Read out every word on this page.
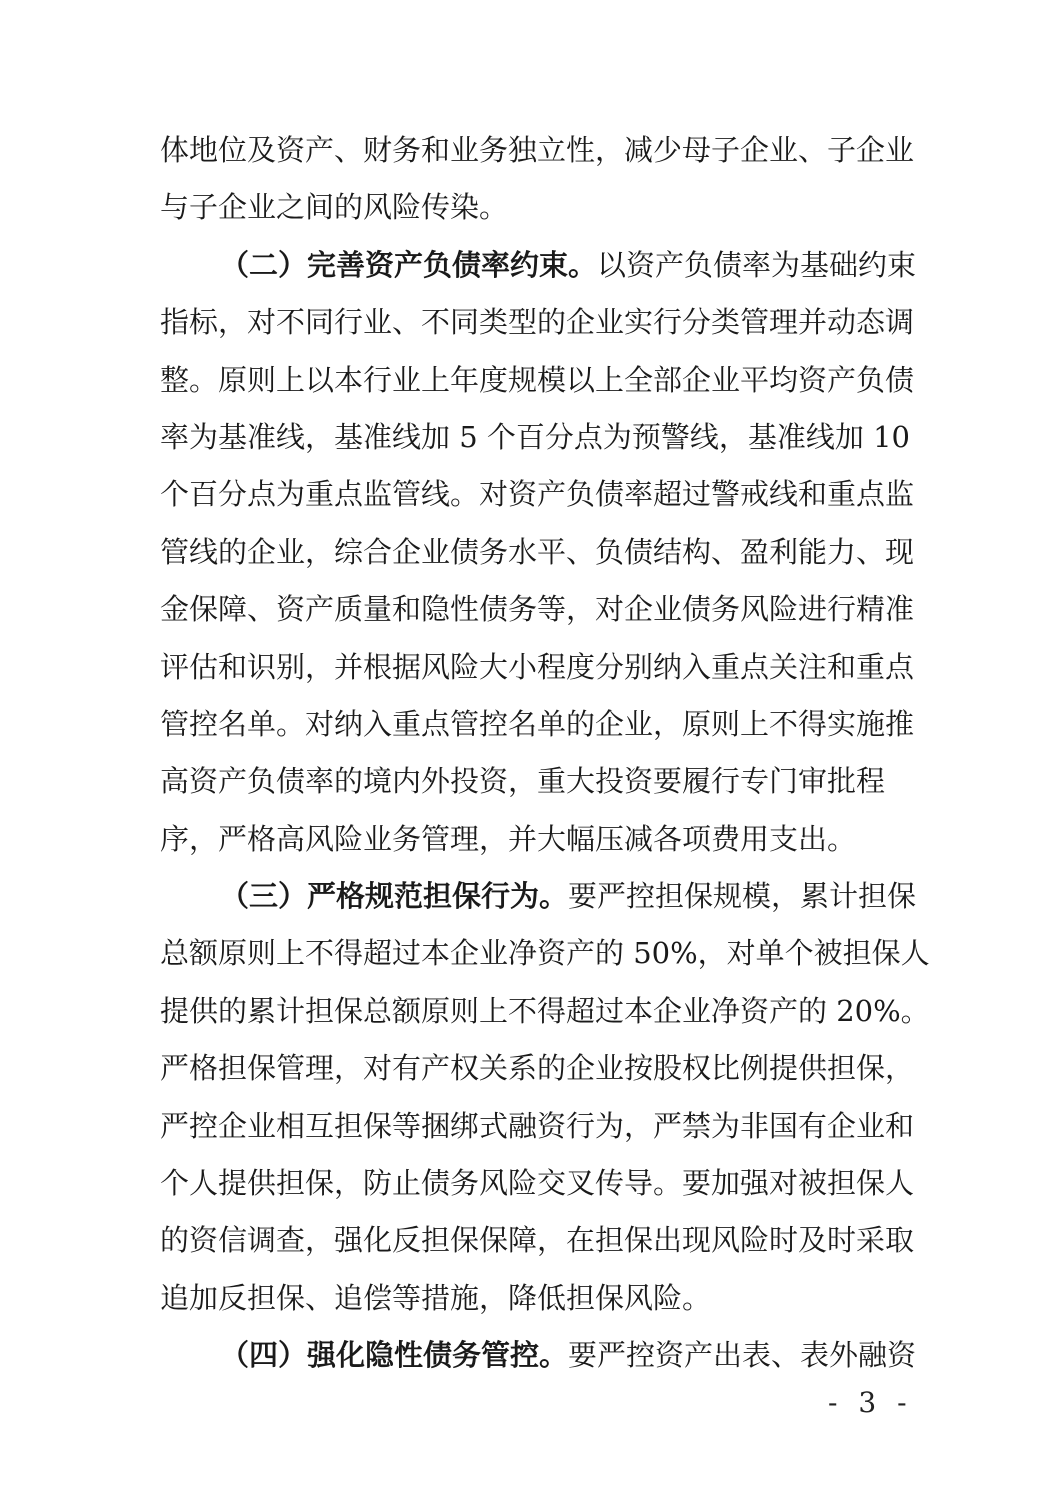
体地位及资产、财务和业务独立性，减少母子企业、子企业
与子企业之间的风险传染。
（二）完善资产负债率约束。以资产负债率为基础约束
指标，对不同行业、不同类型的企业实行分类管理并动态调
整。原则上以本行业上年度规模以上全部企业平均资产负债
率为基准线，基准线加 5 个百分点为预警线，基准线加 10
个百分点为重点监管线。对资产负债率超过警戒线和重点监
管线的企业，综合企业债务水平、负债结构、盈利能力、现
金保障、资产质量和隐性债务等，对企业债务风险进行精准
评估和识别，并根据风险大小程度分别纳入重点关注和重点
管控名单。对纳入重点管控名单的企业，原则上不得实施推
高资产负债率的境内外投资，重大投资要履行专门审批程
序，严格高风险业务管理，并大幅压减各项费用支出。
（三）严格规范担保行为。要严控担保规模，累计担保
总额原则上不得超过本企业净资产的 50%，对单个被担保人
提供的累计担保总额原则上不得超过本企业净资产的 20%。
严格担保管理，对有产权关系的企业按股权比例提供担保，
严控企业相互担保等捆绑式融资行为，严禁为非国有企业和
个人提供担保，防止债务风险交叉传导。要加强对被担保人
的资信调查，强化反担保保障，在担保出现风险时及时采取
追加反担保、追偿等措施，降低担保风险。
（四）强化隐性债务管控。要严控资产出表、表外融资
- 3 -
